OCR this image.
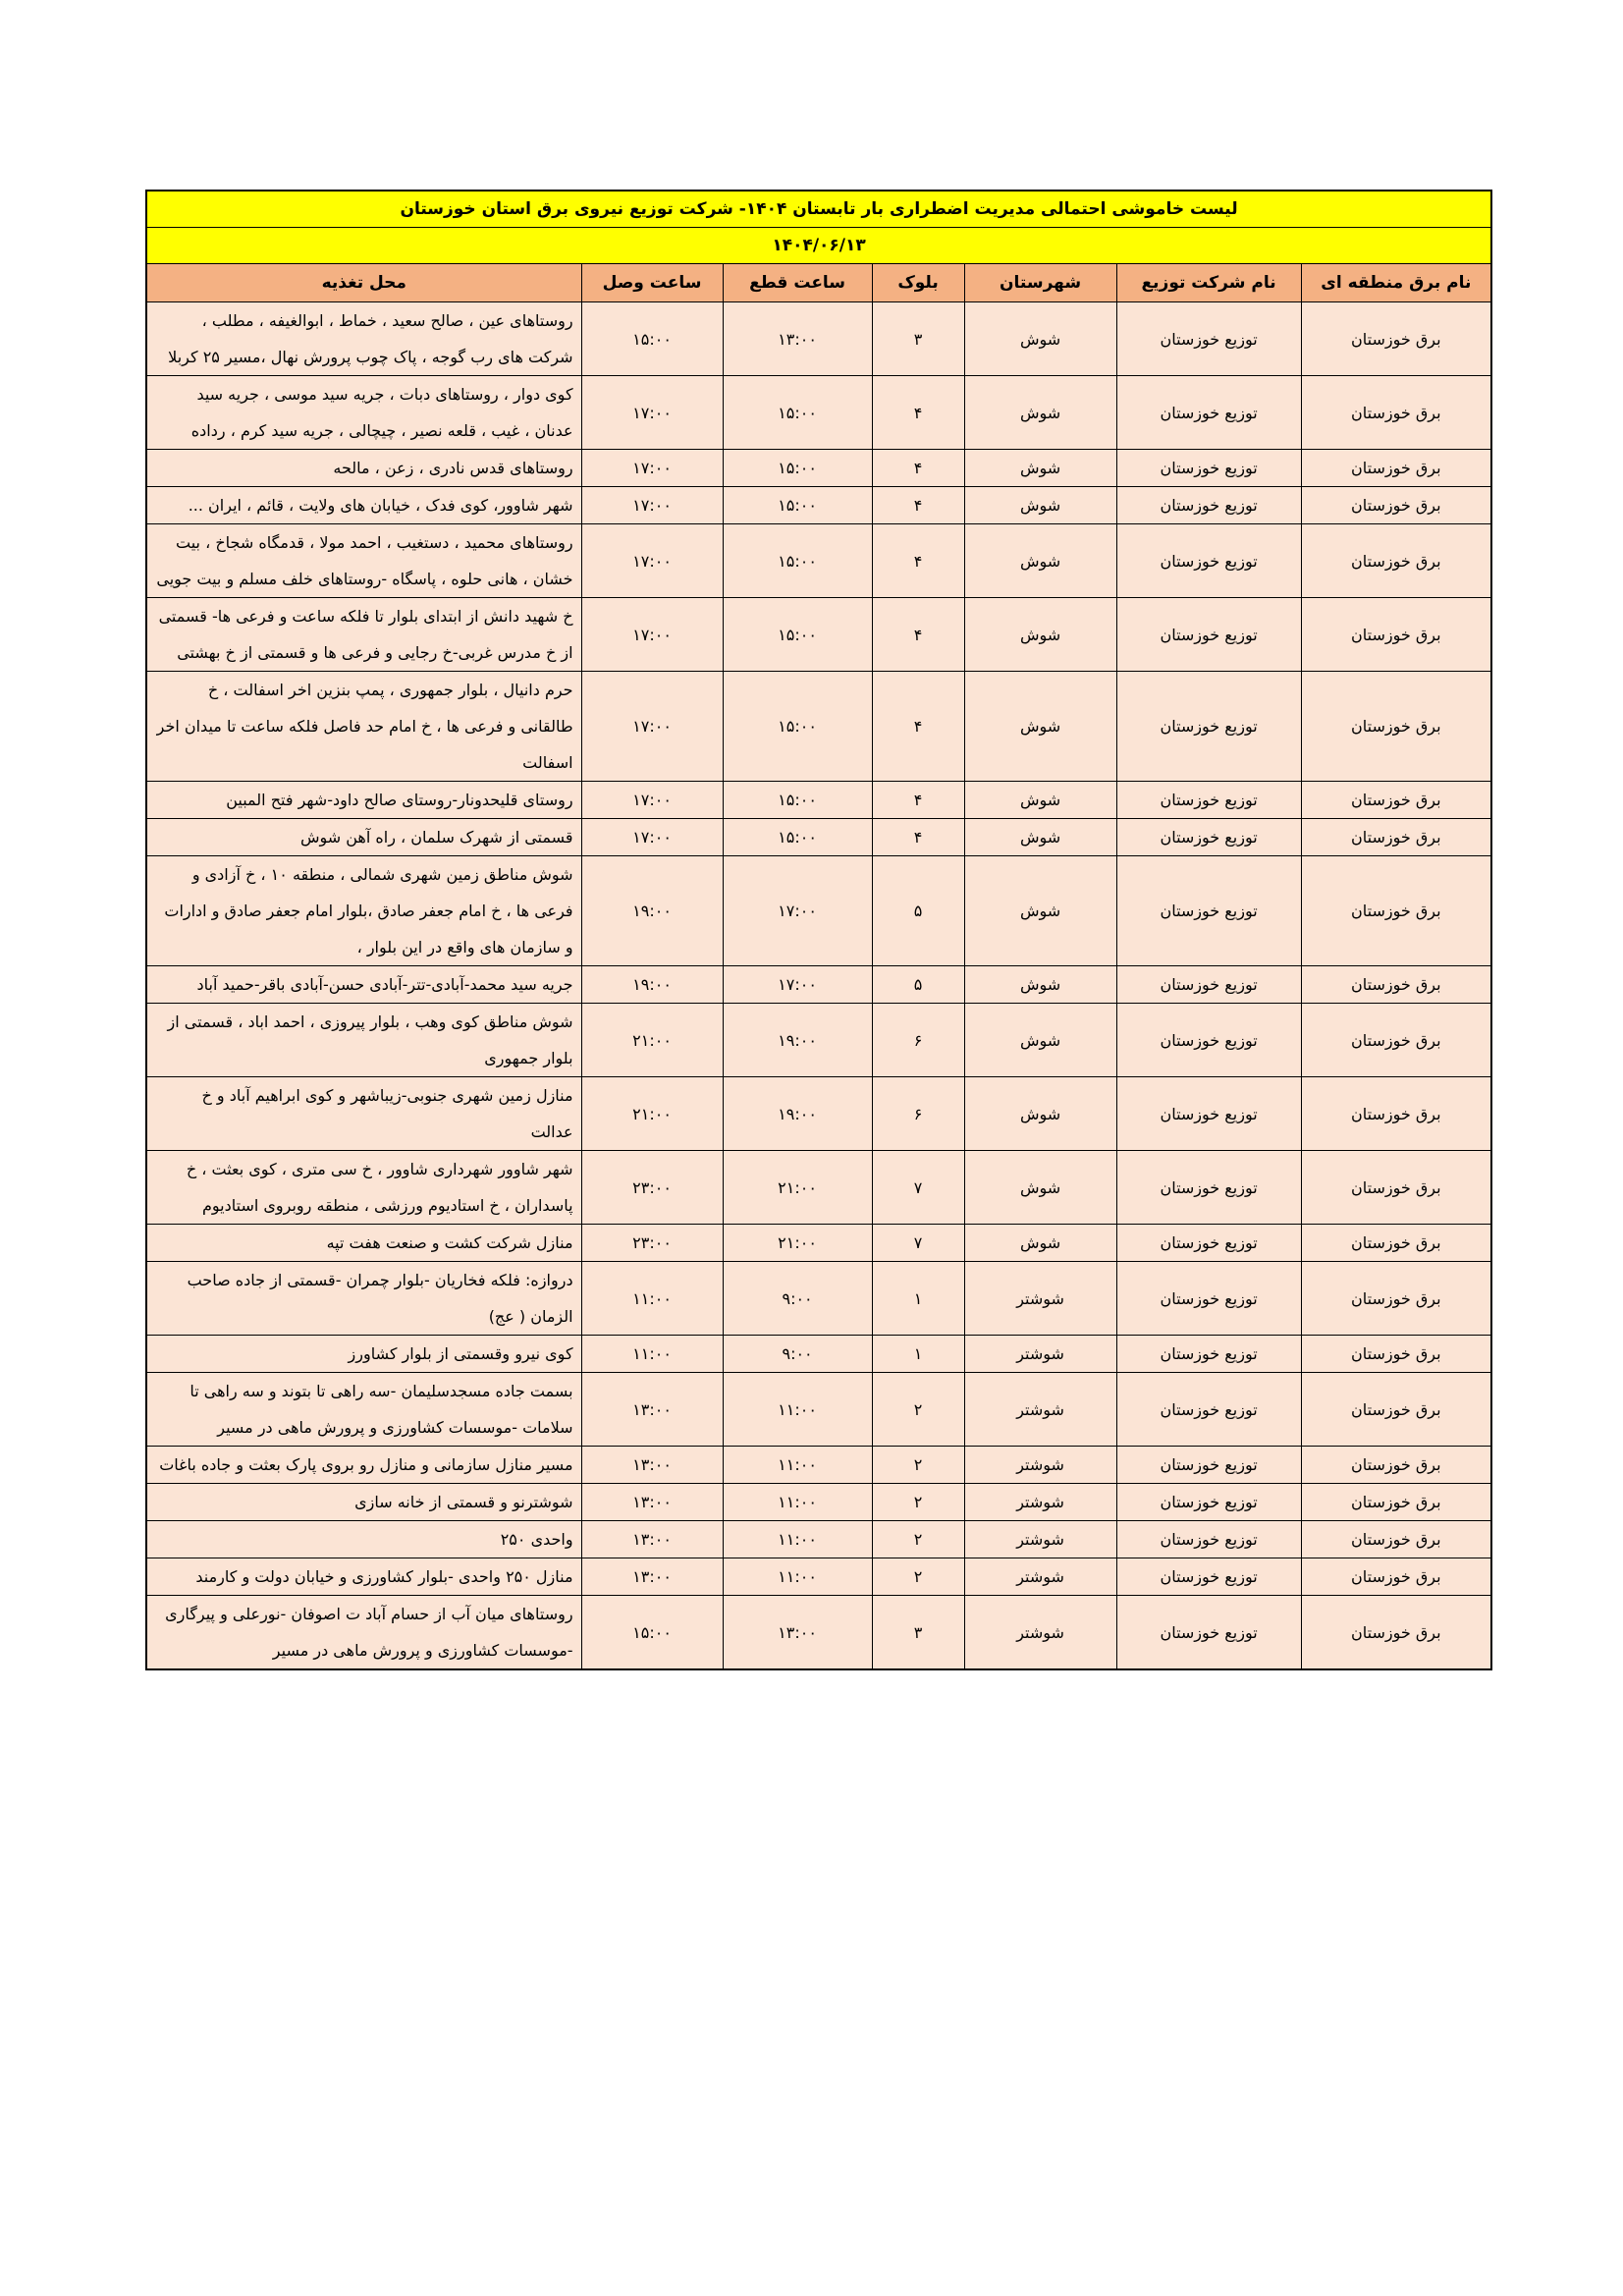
لیست خاموشی احتمالی مدیریت اضطراری بار تابستان ۱۴۰۴- شرکت توزیع نیروی برق استان خوزستان						
۱۴۰۴/۰۶/۱۳						
نام برق منطقه ای	نام شرکت توزیع	شهرستان	بلوک	ساعت قطع	ساعت وصل	محل تغذیه
برق خوزستان	توزیع خوزستان	شوش	۳	۱۳:۰۰	۱۵:۰۰	روستاهای عین ، صالح سعید ، خماط ، ابوالغیفه ، مطلب ، شرکت های رب گوجه ، پاک چوب پرورش نهال ،مسیر ۲۵ کربلا
برق خوزستان	توزیع خوزستان	شوش	۴	۱۵:۰۰	۱۷:۰۰	کوی دوار ، روستاهای دبات ، جریه سید موسی ، جریه سید عدنان ، غیب ، قلعه نصیر ، چیچالی ، جریه سید کرم ، رداده
برق خوزستان	توزیع خوزستان	شوش	۴	۱۵:۰۰	۱۷:۰۰	روستاهای قدس نادری ، زعن ، مالحه
برق خوزستان	توزیع خوزستان	شوش	۴	۱۵:۰۰	۱۷:۰۰	شهر شاوور، کوی فدک ، خیابان های ولایت ، قائم ، ایران ...
برق خوزستان	توزیع خوزستان	شوش	۴	۱۵:۰۰	۱۷:۰۰	روستاهای محمید ، دستغیب ، احمد مولا ، قدمگاه شجاخ ، بیت خشان ، هانی حلوه ، پاسگاه -روستاهای خلف مسلم و بیت جویی
برق خوزستان	توزیع خوزستان	شوش	۴	۱۵:۰۰	۱۷:۰۰	خ شهید دانش از ابتدای بلوار تا فلکه ساعت و فرعی ها- قسمتی از خ مدرس غربی-خ رجایی و فرعی ها و قسمتی از خ بهشتی
برق خوزستان	توزیع خوزستان	شوش	۴	۱۵:۰۰	۱۷:۰۰	حرم دانیال ، بلوار جمهوری ، پمپ بنزین اخر اسفالت ، خ طالقانی و فرعی ها ، خ امام حد فاصل فلکه ساعت تا میدان اخر اسفالت
برق خوزستان	توزیع خوزستان	شوش	۴	۱۵:۰۰	۱۷:۰۰	روستای قلیحدونار-روستای صالح داود-شهر فتح المبین
برق خوزستان	توزیع خوزستان	شوش	۴	۱۵:۰۰	۱۷:۰۰	قسمتی از شهرک سلمان ، راه آهن شوش
برق خوزستان	توزیع خوزستان	شوش	۵	۱۷:۰۰	۱۹:۰۰	شوش مناطق زمین شهری شمالی ، منطقه ۱۰ ، خ آزادی و فرعی ها ، خ امام جعفر صادق ،بلوار امام جعفر صادق و ادارات و سازمان های واقع در این بلوار ،
برق خوزستان	توزیع خوزستان	شوش	۵	۱۷:۰۰	۱۹:۰۰	جریه سید محمد-آبادی-تتر-آبادی حسن-آبادی باقر-حمید آباد
برق خوزستان	توزیع خوزستان	شوش	۶	۱۹:۰۰	۲۱:۰۰	شوش مناطق کوی وهب ، بلوار پیروزی ، احمد اباد ، قسمتی از بلوار جمهوری
برق خوزستان	توزیع خوزستان	شوش	۶	۱۹:۰۰	۲۱:۰۰	منازل زمین شهری جنوبی-زیباشهر و کوی ابراهیم آباد و خ عدالت
برق خوزستان	توزیع خوزستان	شوش	۷	۲۱:۰۰	۲۳:۰۰	شهر شاوور شهرداری شاوور ، خ سی متری ، کوی بعثت ، خ پاسداران ، خ استادیوم ورزشی ، منطقه روبروی استادیوم
برق خوزستان	توزیع خوزستان	شوش	۷	۲۱:۰۰	۲۳:۰۰	منازل شرکت کشت و صنعت هفت تپه
برق خوزستان	توزیع خوزستان	شوشتر	۱	۹:۰۰	۱۱:۰۰	دروازه: فلکه فخاریان -بلوار چمران -قسمتی از جاده صاحب الزمان ( عج)
برق خوزستان	توزیع خوزستان	شوشتر	۱	۹:۰۰	۱۱:۰۰	کوی نیرو وقسمتی از بلوار کشاورز
برق خوزستان	توزیع خوزستان	شوشتر	۲	۱۱:۰۰	۱۳:۰۰	بسمت جاده مسجدسلیمان -سه راهی تا بتوند و سه راهی تا سلامات -موسسات کشاورزی و پرورش ماهی در مسیر
برق خوزستان	توزیع خوزستان	شوشتر	۲	۱۱:۰۰	۱۳:۰۰	مسیر منازل سازمانی و منازل رو بروی پارک بعثت و جاده باغات
برق خوزستان	توزیع خوزستان	شوشتر	۲	۱۱:۰۰	۱۳:۰۰	شوشترنو و قسمتی از خانه سازی
برق خوزستان	توزیع خوزستان	شوشتر	۲	۱۱:۰۰	۱۳:۰۰	واحدی ۲۵۰
برق خوزستان	توزیع خوزستان	شوشتر	۲	۱۱:۰۰	۱۳:۰۰	منازل ۲۵۰ واحدی -بلوار کشاورزی و خیابان دولت و کارمند
برق خوزستان	توزیع خوزستان	شوشتر	۳	۱۳:۰۰	۱۵:۰۰	روستاهای میان آب از حسام آباد ت اصوفان -نورعلی و پیرگاری -موسسات کشاورزی و پرورش ماهی در مسیر
